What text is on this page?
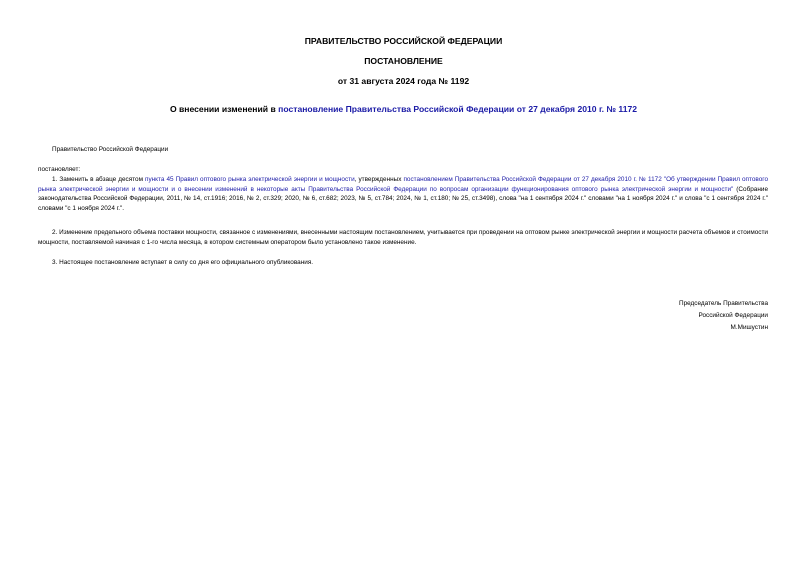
ПРАВИТЕЛЬСТВО РОССИЙСКОЙ ФЕДЕРАЦИИ
ПОСТАНОВЛЕНИЕ
от 31 августа 2024 года № 1192
О внесении изменений в постановление Правительства Российской Федерации от 27 декабря 2010 г. № 1172
Правительство Российской Федерации
постановляет:
1. Заменить в абзаце десятом пункта 45 Правил оптового рынка электрической энергии и мощности, утвержденных постановлением Правительства Российской Федерации от 27 декабря 2010 г. № 1172 "Об утверждении Правил оптового рынка электрической энергии и мощности и о внесении изменений в некоторые акты Правительства Российской Федерации по вопросам организации функционирования оптового рынка электрической энергии и мощности" (Собрание законодательства Российской Федерации, 2011, № 14, ст.1916; 2016, № 2, ст.329; 2020, № 6, ст.682; 2023, № 5, ст.784; 2024, № 1, ст.180; № 25, ст.3498), слова "на 1 сентября 2024 г." словами "на 1 ноября 2024 г." и слова "с 1 сентября 2024 г." словами "с 1 ноября 2024 г.".
2. Изменение предельного объема поставки мощности, связанное с изменениями, внесенными настоящим постановлением, учитывается при проведении на оптовом рынке электрической энергии и мощности расчета объемов и стоимости мощности, поставляемой начиная с 1-го числа месяца, в котором системным оператором было установлено такое изменение.
3. Настоящее постановление вступает в силу со дня его официального опубликования.
Председатель Правительства
Российской Федерации
М.Мишустин
